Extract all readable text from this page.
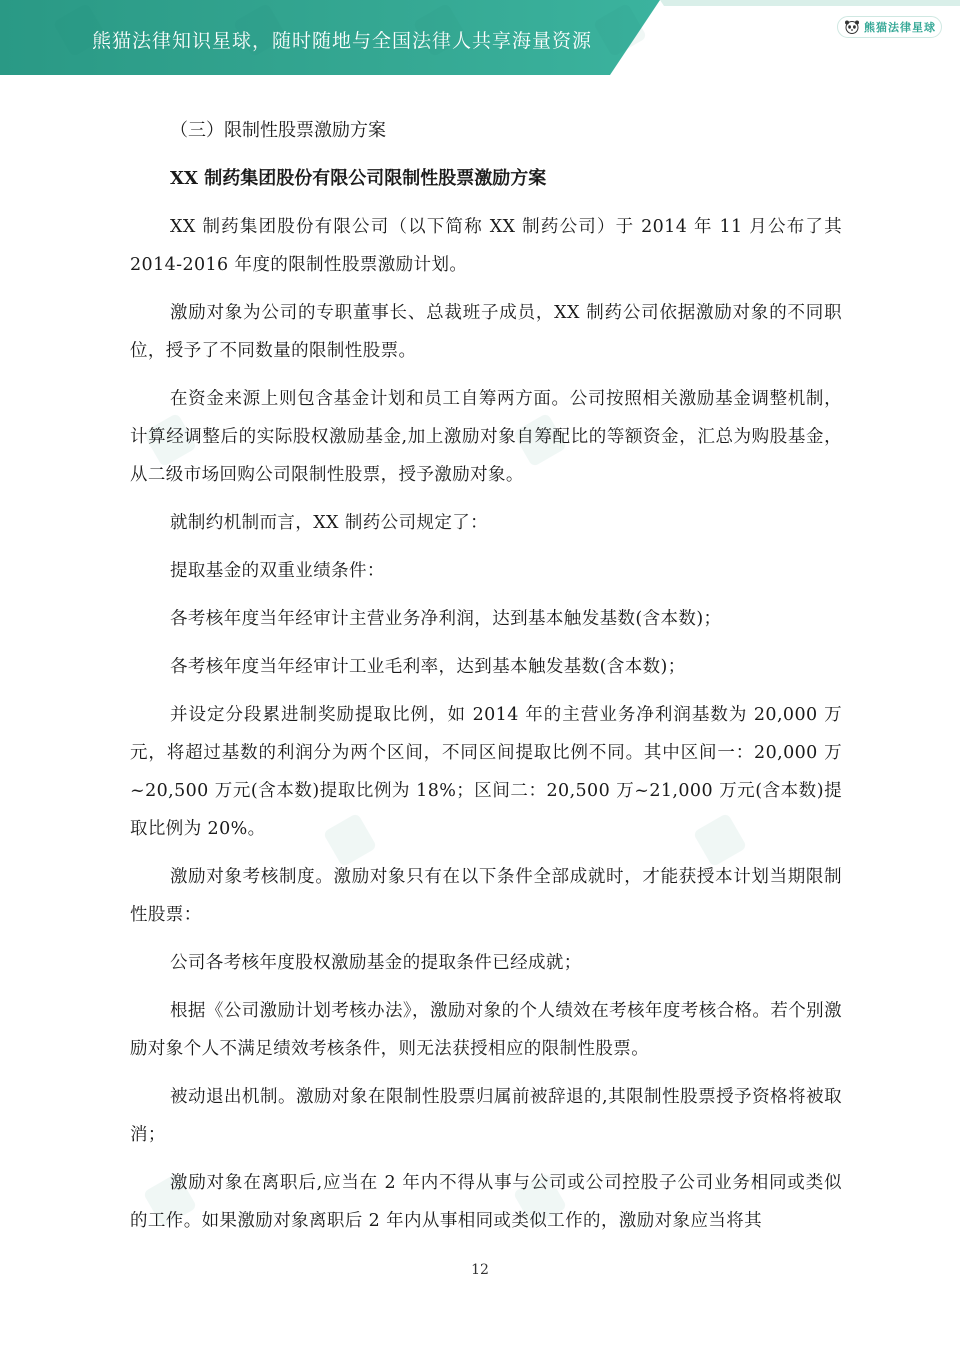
熊猫法律知识星球，随时随地与全国法律人共享海量资源
熊猫法律星球
（三）限制性股票激励方案
XX 制药集团股份有限公司限制性股票激励方案
XX 制药集团股份有限公司（以下简称 XX 制药公司）于 2014 年 11 月公布了其 2014-2016 年度的限制性股票激励计划。
激励对象为公司的专职董事长、总裁班子成员，XX 制药公司依据激励对象的不同职位，授予了不同数量的限制性股票。
在资金来源上则包含基金计划和员工自筹两方面。公司按照相关激励基金调整机制，计算经调整后的实际股权激励基金,加上激励对象自筹配比的等额资金，汇总为购股基金，从二级市场回购公司限制性股票，授予激励对象。
就制约机制而言，XX 制药公司规定了：
提取基金的双重业绩条件：
各考核年度当年经审计主营业务净利润，达到基本触发基数(含本数)；
各考核年度当年经审计工业毛利率，达到基本触发基数(含本数)；
并设定分段累进制奖励提取比例，如 2014 年的主营业务净利润基数为 20,000 万元，将超过基数的利润分为两个区间，不同区间提取比例不同。其中区间一：20,000 万~20,500 万元(含本数)提取比例为 18%；区间二：20,500 万~21,000 万元(含本数)提取比例为 20%。
激励对象考核制度。激励对象只有在以下条件全部成就时，才能获授本计划当期限制性股票：
公司各考核年度股权激励基金的提取条件已经成就；
根据《公司激励计划考核办法》，激励对象的个人绩效在考核年度考核合格。若个别激励对象个人不满足绩效考核条件，则无法获授相应的限制性股票。
被动退出机制。激励对象在限制性股票归属前被辞退的,其限制性股票授予资格将被取消；
激励对象在离职后,应当在 2 年内不得从事与公司或公司控股子公司业务相同或类似的工作。如果激励对象离职后 2 年内从事相同或类似工作的，激励对象应当将其
12
